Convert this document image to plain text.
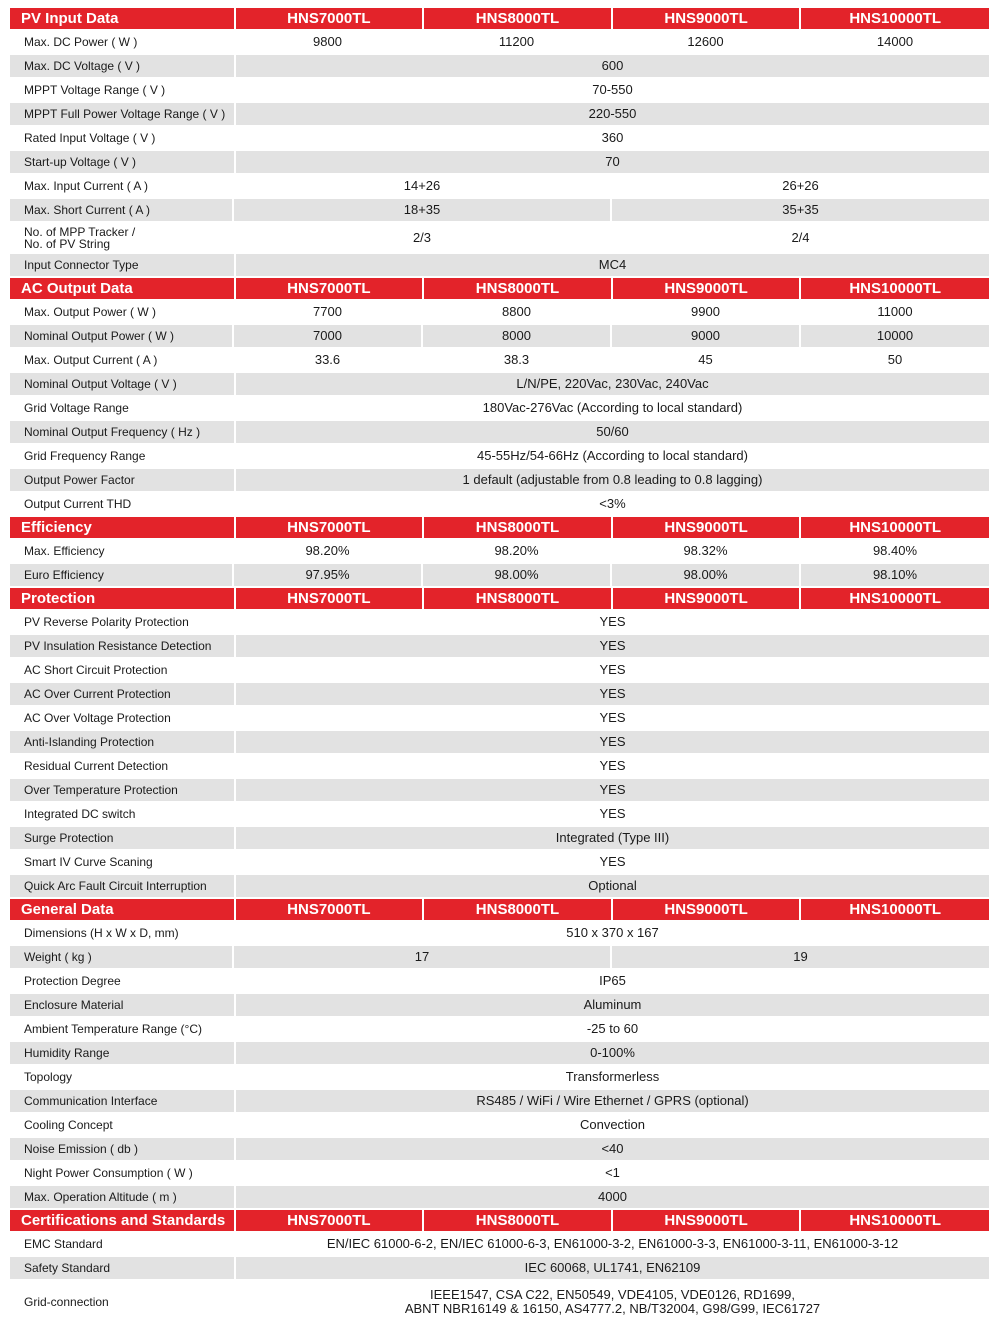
PV Input Data	HNS7000TL	HNS8000TL	HNS9000TL	HNS10000TL
Max. DC Power ( W )	9800	11200	12600	14000
Max. DC Voltage ( V )	600
MPPT Voltage Range ( V )	70-550
MPPT Full Power Voltage Range ( V )	220-550
Rated Input Voltage ( V )	360
Start-up Voltage ( V )	70
Max. Input Current ( A )	14+26	26+26
Max. Short Current ( A )	18+35	35+35
No. of MPP Tracker /
No. of PV String	2/3	2/4
Input Connector Type	MC4
AC Output Data	HNS7000TL	HNS8000TL	HNS9000TL	HNS10000TL
Max. Output Power ( W )	7700	8800	9900	11000
Nominal Output Power ( W )	7000	8000	9000	10000
Max. Output Current ( A )	33.6	38.3	45	50
Nominal Output Voltage ( V )	L/N/PE, 220Vac, 230Vac, 240Vac
Grid Voltage Range	180Vac-276Vac (According to local standard)
Nominal Output Frequency ( Hz )	50/60
Grid Frequency Range	45-55Hz/54-66Hz (According to local standard)
Output Power Factor	1 default (adjustable from 0.8 leading to 0.8 lagging)
Output Current THD	<3%
Efficiency	HNS7000TL	HNS8000TL	HNS9000TL	HNS10000TL
Max. Efficiency	98.20%	98.20%	98.32%	98.40%
Euro Efficiency	97.95%	98.00%	98.00%	98.10%
Protection	HNS7000TL	HNS8000TL	HNS9000TL	HNS10000TL
PV Reverse Polarity Protection	YES
PV Insulation Resistance Detection	YES
AC Short Circuit Protection	YES
AC Over Current Protection	YES
AC Over Voltage Protection	YES
Anti-Islanding Protection	YES
Residual Current Detection	YES
Over Temperature Protection	YES
Integrated DC switch	YES
Surge Protection	Integrated (Type III)
Smart IV Curve Scaning	YES
Quick Arc Fault Circuit Interruption	Optional
General Data	HNS7000TL	HNS8000TL	HNS9000TL	HNS10000TL
Dimensions (H x W x D, mm)	510 x 370 x 167
Weight ( kg )	17	19
Protection Degree	IP65
Enclosure Material	Aluminum
Ambient Temperature Range (°C)	-25 to 60
Humidity Range	0-100%
Topology	Transformerless
Communication Interface	RS485 / WiFi / Wire Ethernet / GPRS (optional)
Cooling Concept	Convection
Noise Emission ( db )	<40
Night Power Consumption ( W )	<1
Max. Operation Altitude ( m )	4000
Certifications and Standards	HNS7000TL	HNS8000TL	HNS9000TL	HNS10000TL
EMC Standard	EN/IEC 61000-6-2, EN/IEC 61000-6-3, EN61000-3-2, EN61000-3-3, EN61000-3-11, EN61000-3-12
Safety Standard	IEC 60068, UL1741, EN62109
Grid-connection	IEEE1547, CSA C22, EN50549, VDE4105, VDE0126, RD1699,
ABNT NBR16149 & 16150, AS4777.2, NB/T32004, G98/G99, IEC61727
